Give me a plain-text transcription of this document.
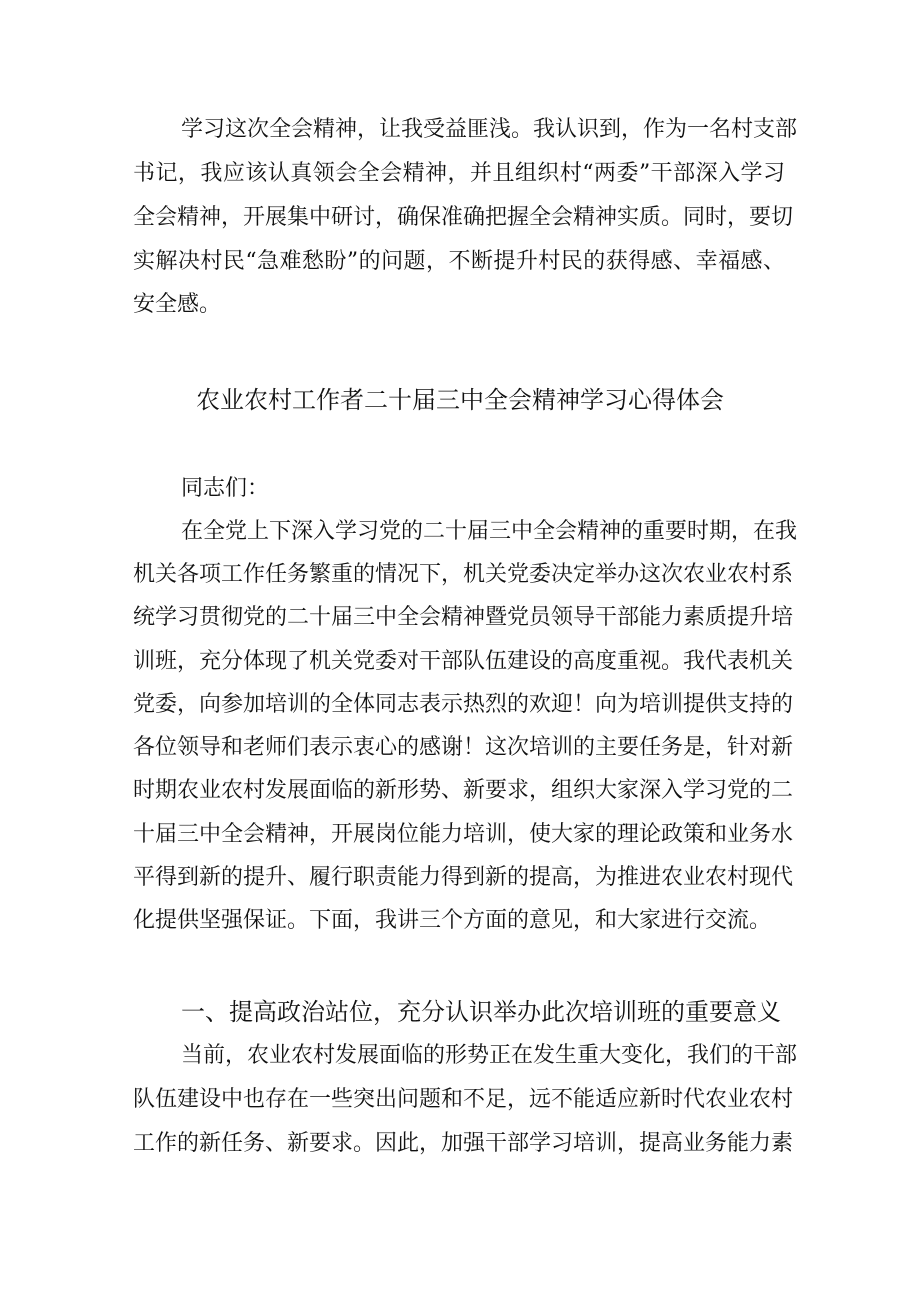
学习这次全会精神，让我受益匪浅。我认识到，作为一名村支部
书记，我应该认真领会全会精神，并且组织村“两委”干部深入学习
全会精神，开展集中研讨，确保准确把握全会精神实质。同时，要切
实解决村民“急难愁盼”的问题，不断提升村民的获得感、幸福感、
安全感。
农业农村工作者二十届三中全会精神学习心得体会
同志们：
在全党上下深入学习党的二十届三中全会精神的重要时期，在我
机关各项工作任务繁重的情况下，机关党委决定举办这次农业农村系
统学习贯彻党的二十届三中全会精神暨党员领导干部能力素质提升培
训班，充分体现了机关党委对干部队伍建设的高度重视。我代表机关
党委，向参加培训的全体同志表示热烈的欢迎！向为培训提供支持的
各位领导和老师们表示衷心的感谢！这次培训的主要任务是，针对新
时期农业农村发展面临的新形势、新要求，组织大家深入学习党的二
十届三中全会精神，开展岗位能力培训，使大家的理论政策和业务水
平得到新的提升、履行职责能力得到新的提高，为推进农业农村现代
化提供坚强保证。下面，我讲三个方面的意见，和大家进行交流。
一、提高政治站位，充分认识举办此次培训班的重要意义
当前，农业农村发展面临的形势正在发生重大变化，我们的干部
队伍建设中也存在一些突出问题和不足，远不能适应新时代农业农村
工作的新任务、新要求。因此，加强干部学习培训，提高业务能力素
